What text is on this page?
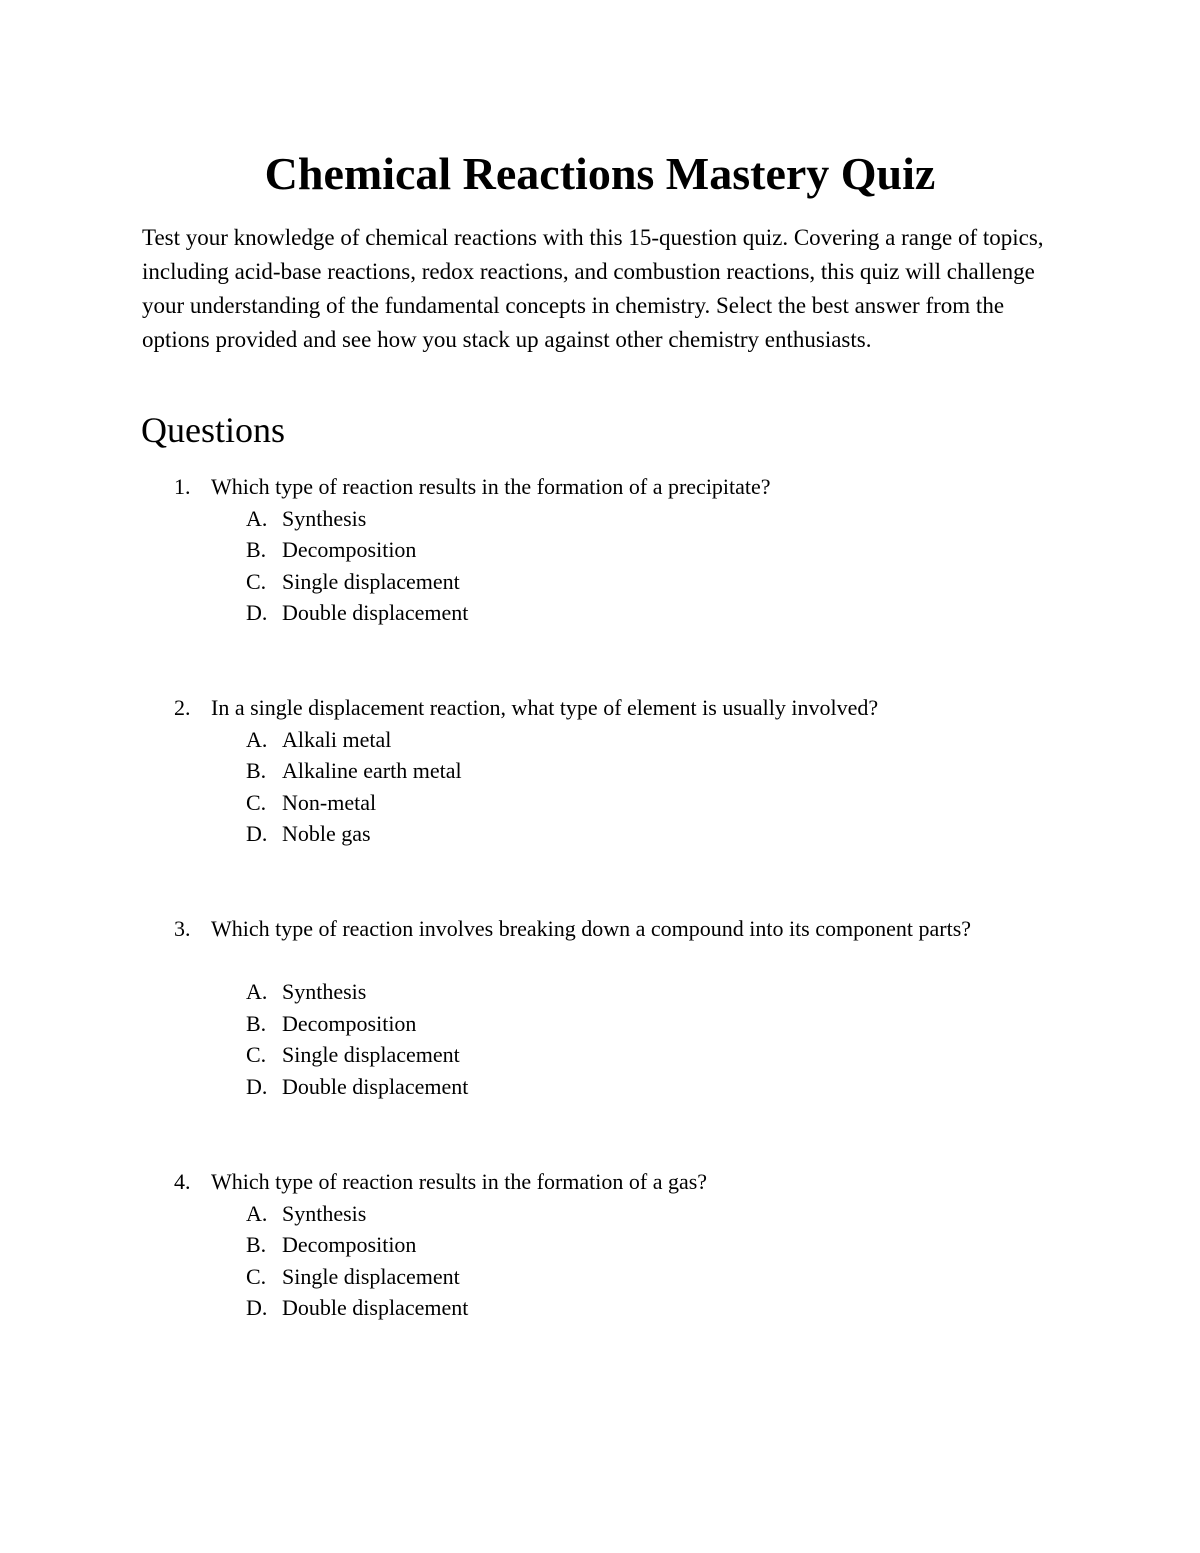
Chemical Reactions Mastery Quiz

Test your knowledge of chemical reactions with this 15-question quiz. Covering a range of topics, including acid-base reactions, redox reactions, and combustion reactions, this quiz will challenge your understanding of the fundamental concepts in chemistry. Select the best answer from the options provided and see how you stack up against other chemistry enthusiasts.

Questions
1. Which type of reaction results in the formation of a precipitate?
A. Synthesis
B. Decomposition
C. Single displacement
D. Double displacement
2. In a single displacement reaction, what type of element is usually involved?
A. Alkali metal
B. Alkaline earth metal
C. Non-metal
D. Noble gas
3. Which type of reaction involves breaking down a compound into its component parts?
A. Synthesis
B. Decomposition
C. Single displacement
D. Double displacement
4. Which type of reaction results in the formation of a gas?
A. Synthesis
B. Decomposition
C. Single displacement
D. Double displacement
